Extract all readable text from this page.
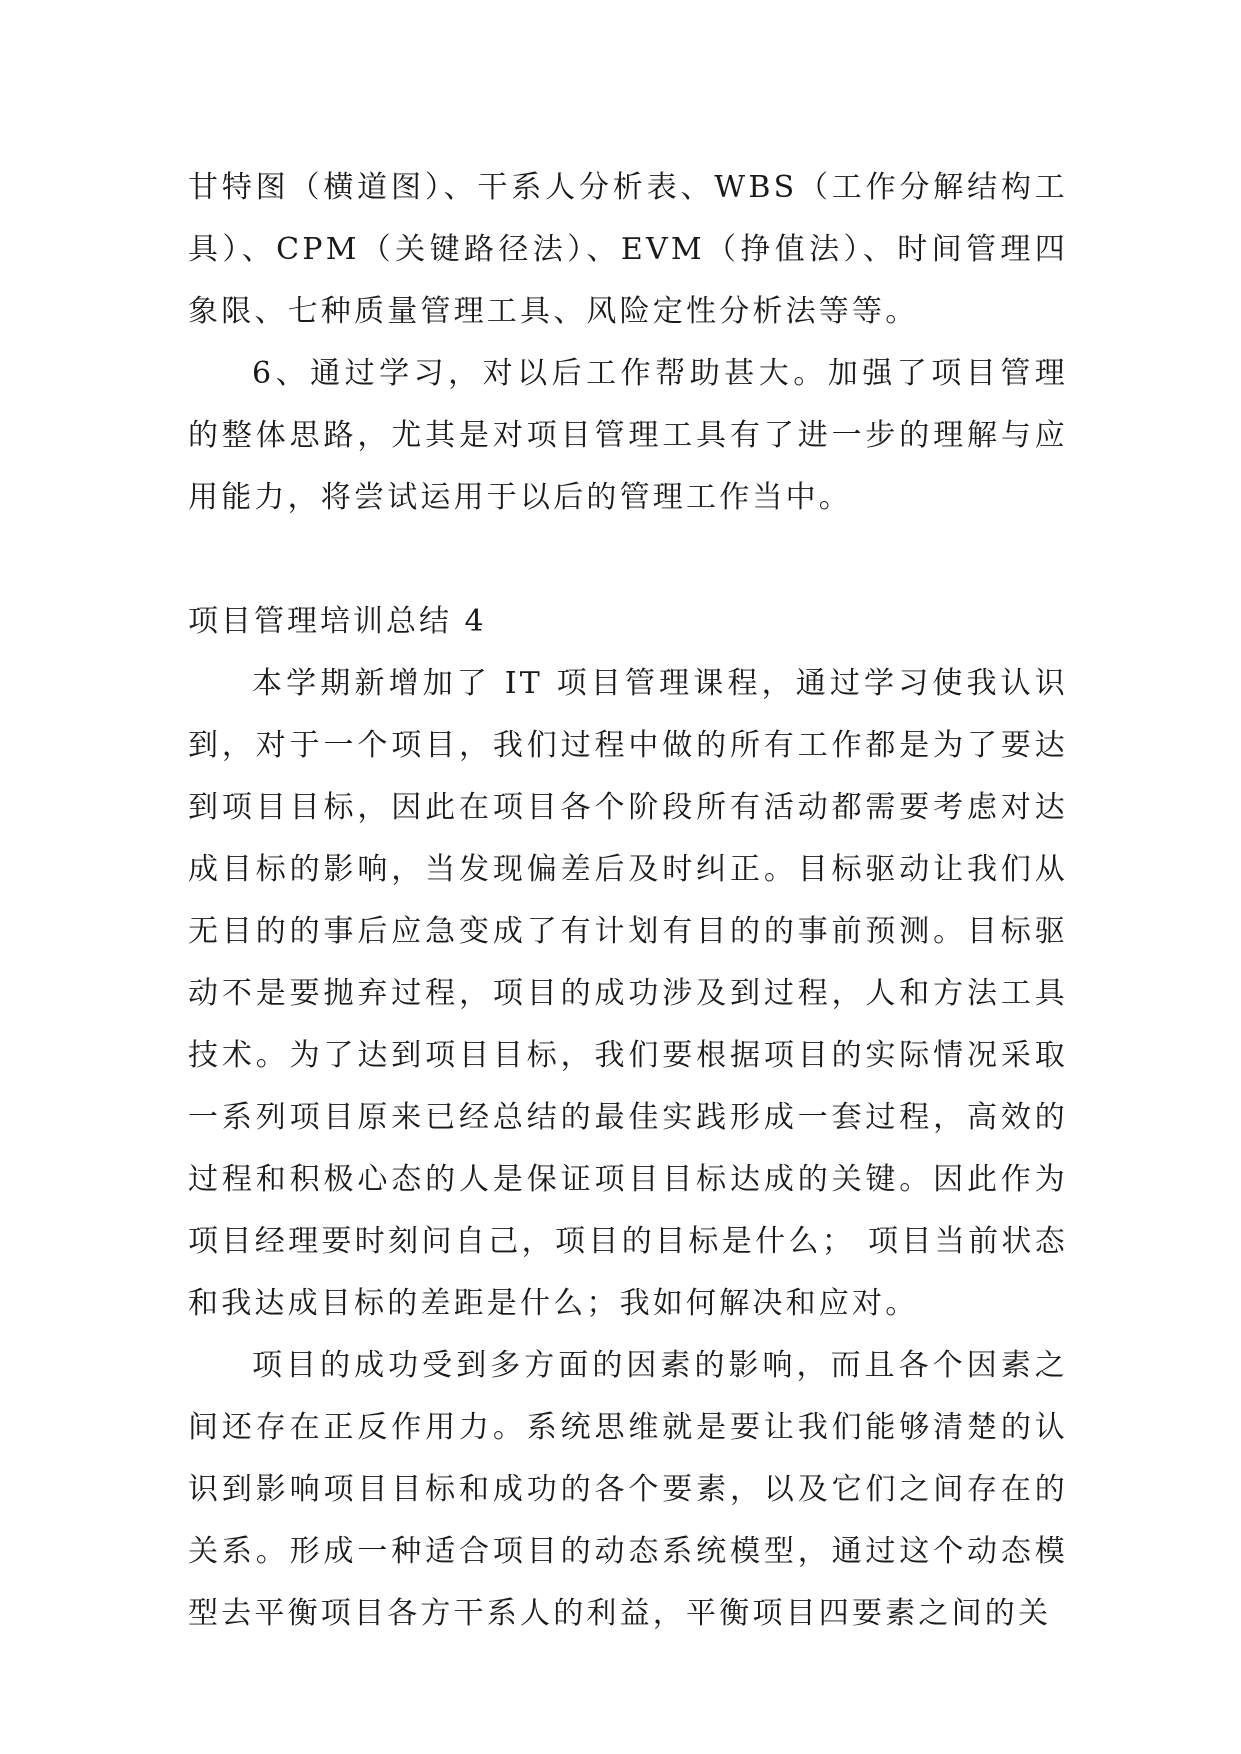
甘特图（横道图）、干系人分析表、WBS（工作分解结构工具）、CPM（关键路径法）、EVM（挣值法）、时间管理四象限、七种质量管理工具、风险定性分析法等等。

6、通过学习，对以后工作帮助甚大。加强了项目管理的整体思路，尤其是对项目管理工具有了进一步的理解与应用能力，将尝试运用于以后的管理工作当中。

项目管理培训总结 4

本学期新增加了 IT 项目管理课程，通过学习使我认识到，对于一个项目，我们过程中做的所有工作都是为了要达到项目目标，因此在项目各个阶段所有活动都需要考虑对达成目标的影响，当发现偏差后及时纠正。目标驱动让我们从无目的的事后应急变成了有计划有目的的事前预测。目标驱动不是要抛弃过程，项目的成功涉及到过程，人和方法工具技术。为了达到项目目标，我们要根据项目的实际情况采取一系列项目原来已经总结的最佳实践形成一套过程，高效的过程和积极心态的人是保证项目目标达成的关键。因此作为项目经理要时刻问自己，项目的目标是什么； 项目当前状态和我达成目标的差距是什么；我如何解决和应对。

项目的成功受到多方面的因素的影响，而且各个因素之间还存在正反作用力。系统思维就是要让我们能够清楚的认识到影响项目目标和成功的各个要素，以及它们之间存在的关系。形成一种适合项目的动态系统模型，通过这个动态模型去平衡项目各方干系人的利益，平衡项目四要素之间的关
